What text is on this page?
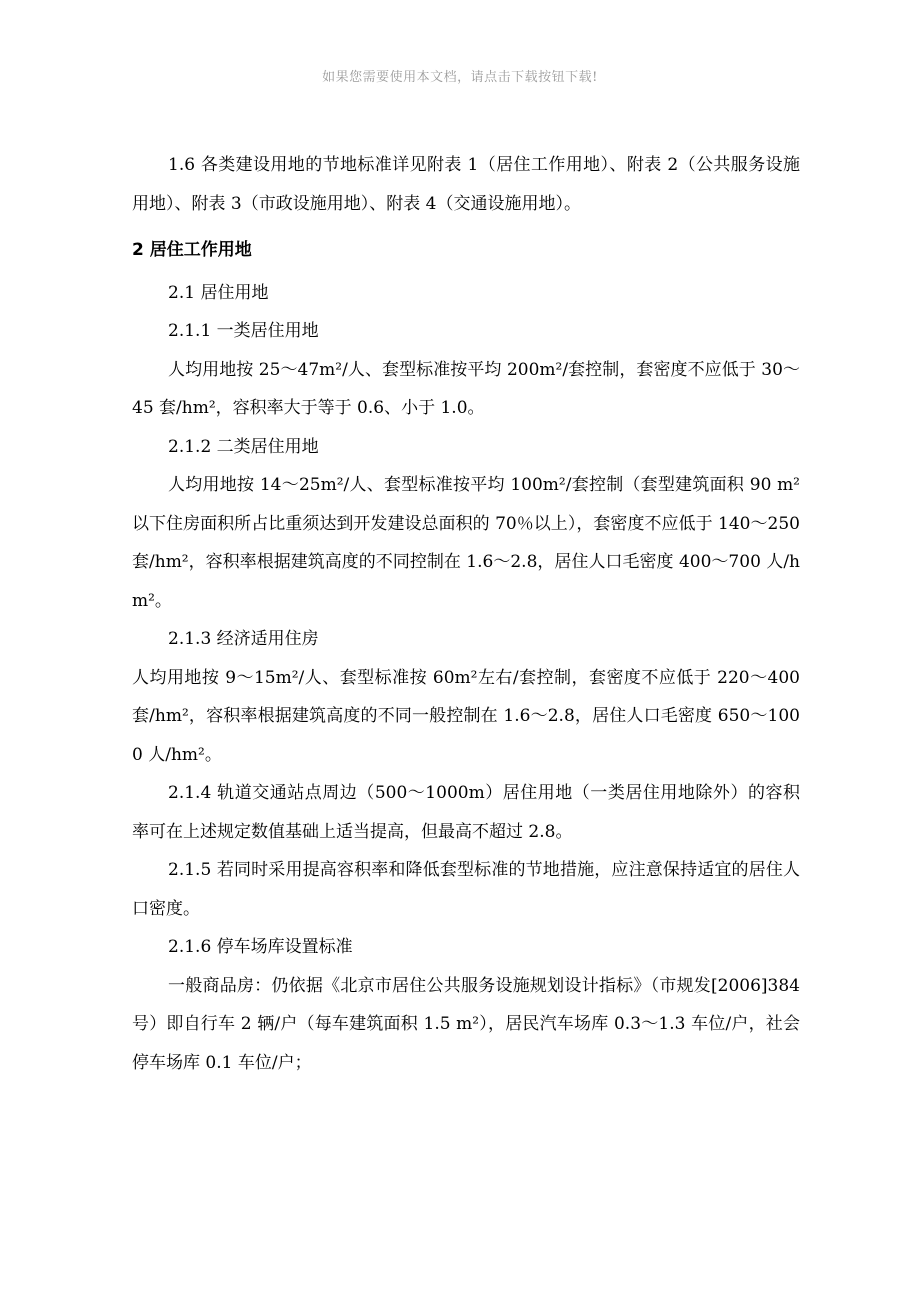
如果您需要使用本文档，请点击下载按钮下载!

1.6 各类建设用地的节地标准详见附表 1（居住工作用地）、附表 2（公共服务设施用地）、附表 3（市政设施用地）、附表 4（交通设施用地）。

2 居住工作用地

2.1 居住用地

2.1.1 一类居住用地

人均用地按 25～47m²/人、套型标准按平均 200m²/套控制，套密度不应低于 30～45 套/hm²，容积率大于等于 0.6、小于 1.0。

2.1.2 二类居住用地

人均用地按 14～25m²/人、套型标准按平均 100m²/套控制（套型建筑面积 90 m²以下住房面积所占比重须达到开发建设总面积的 70％以上），套密度不应低于 140～250 套/hm²，容积率根据建筑高度的不同控制在 1.6～2.8，居住人口毛密度 400～700 人/hm²。

2.1.3 经济适用住房

人均用地按 9～15m²/人、套型标准按 60m²左右/套控制，套密度不应低于 220～400 套/hm²，容积率根据建筑高度的不同一般控制在 1.6～2.8，居住人口毛密度 650～1000 人/hm²。

2.1.4 轨道交通站点周边（500～1000m）居住用地（一类居住用地除外）的容积率可在上述规定数值基础上适当提高，但最高不超过 2.8。

2.1.5 若同时采用提高容积率和降低套型标准的节地措施，应注意保持适宜的居住人口密度。

2.1.6 停车场库设置标准

一般商品房：仍依据《北京市居住公共服务设施规划设计指标》（市规发[2006]384 号）即自行车 2 辆/户（每车建筑面积 1.5 m²），居民汽车场库 0.3～1.3 车位/户，社会停车场库 0.1 车位/户；
